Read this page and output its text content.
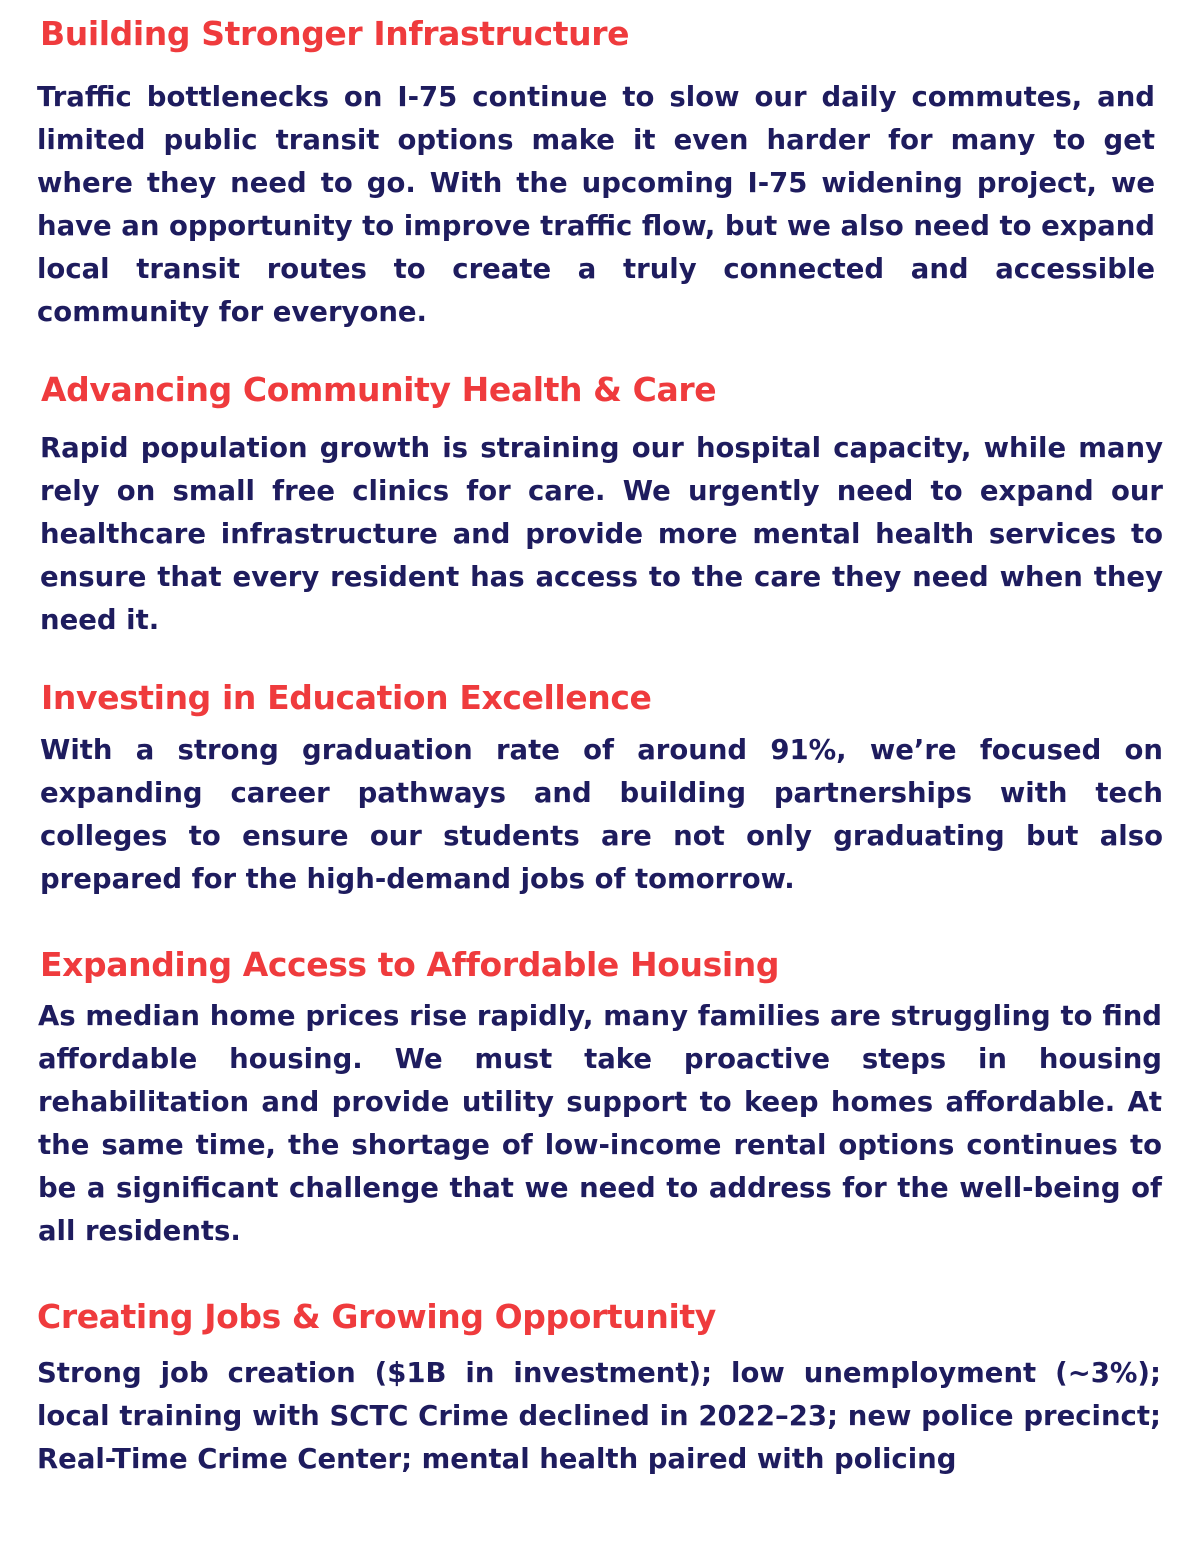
Building Stronger Infrastructure

Traffic bottlenecks on I-75 continue to slow our daily commutes, and limited public transit options make it even harder for many to get where they need to go. With the upcoming I-75 widening project, we have an opportunity to improve traffic flow, but we also need to expand local transit routes to create a truly connected and accessible community for everyone.

Advancing Community Health & Care

Rapid population growth is straining our hospital capacity, while many rely on small free clinics for care. We urgently need to expand our healthcare infrastructure and provide more mental health services to ensure that every resident has access to the care they need when they need it.

Investing in Education Excellence

With a strong graduation rate of around 91%, we’re focused on expanding career pathways and building partnerships with tech colleges to ensure our students are not only graduating but also prepared for the high-demand jobs of tomorrow.

Expanding Access to Affordable Housing

As median home prices rise rapidly, many families are struggling to find affordable housing. We must take proactive steps in housing rehabilitation and provide utility support to keep homes affordable. At the same time, the shortage of low-income rental options continues to be a significant challenge that we need to address for the well-being of all residents.

Creating Jobs & Growing Opportunity

Strong job creation ($1B in investment); low unemployment (~3%); local training with SCTC Crime declined in 2022–23; new police precinct; Real-Time Crime Center; mental health paired with policing
